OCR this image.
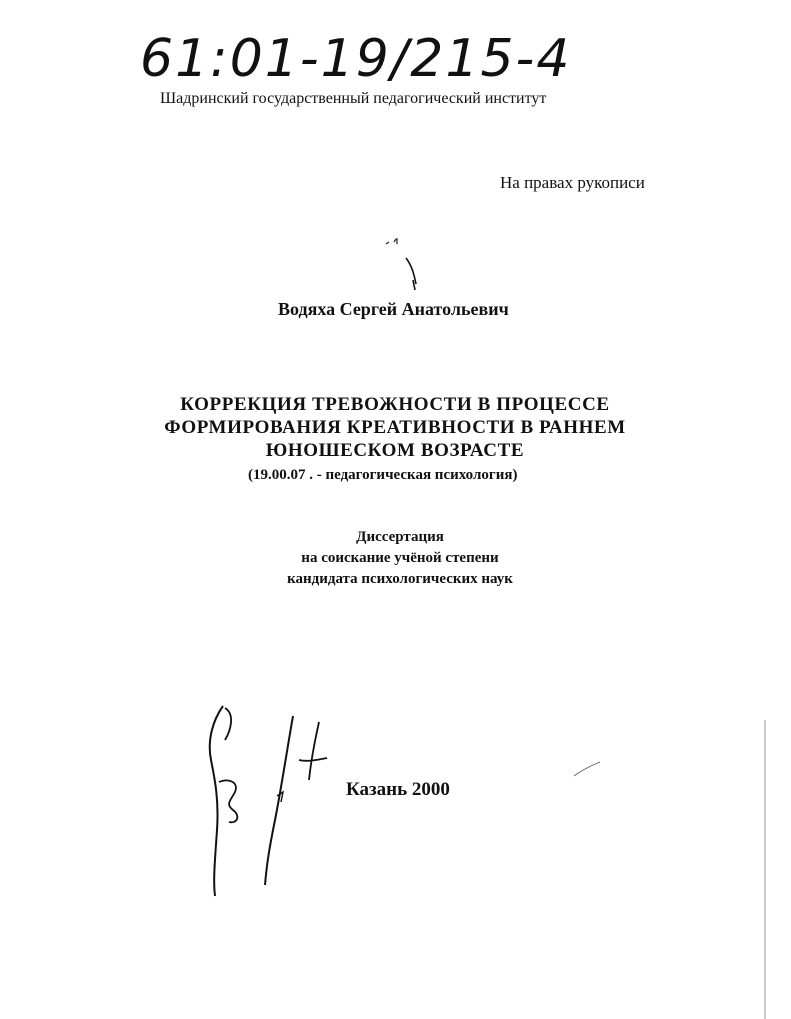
61:01-19/215-4
Шадринский государственный педагогический институт
На правах рукописи
Водяха Сергей Анатольевич
КОРРЕКЦИЯ ТРЕВОЖНОСТИ В ПРОЦЕССЕ
ФОРМИРОВАНИЯ КРЕАТИВНОСТИ В РАННЕМ
ЮНОШЕСКОМ ВОЗРАСТЕ
(19.00.07 . - педагогическая психология)
Диссертация
на соискание учёной степени
кандидата психологических наук
Казань 2000
